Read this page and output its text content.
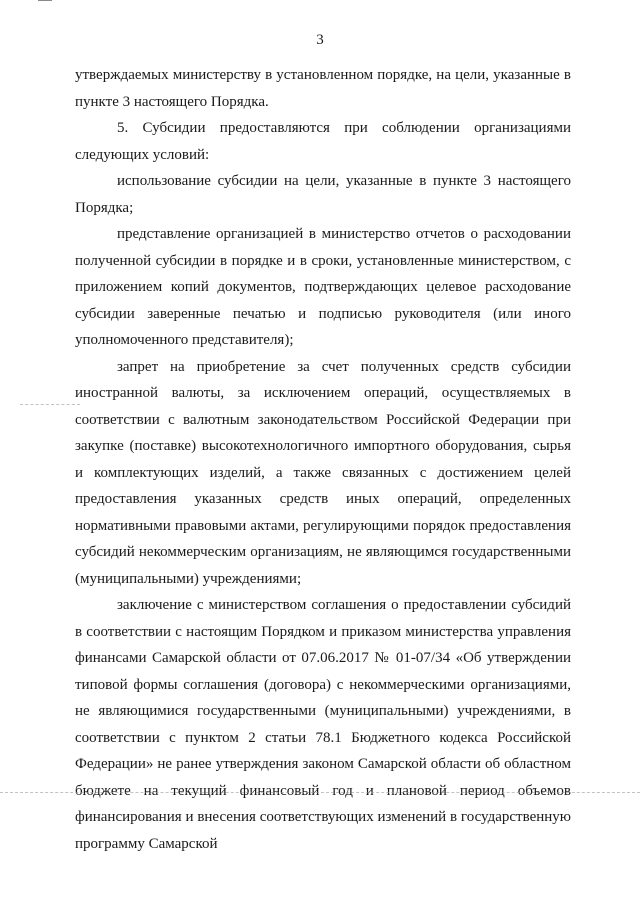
3

утверждаемых министерству в установленном порядке, на цели, указанные в пункте 3 настоящего Порядка.

5. Субсидии предоставляются при соблюдении организациями следующих условий:

использование субсидии на цели, указанные в пункте 3 настоящего Порядка;

представление организацией в министерство отчетов о расходовании полученной субсидии в порядке и в сроки, установленные министерством, с приложением копий документов, подтверждающих целевое расходование субсидии заверенные печатью и подписью руководителя (или иного уполномоченного представителя);

запрет на приобретение за счет полученных средств субсидии иностранной валюты, за исключением операций, осуществляемых в соответствии с валютным законодательством Российской Федерации при закупке (поставке) высокотехнологичного импортного оборудования, сырья и комплектующих изделий, а также связанных с достижением целей предоставления указанных средств иных операций, определенных нормативными правовыми актами, регулирующими порядок предоставления субсидий некоммерческим организациям, не являющимся государственными (муниципальными) учреждениями;

заключение с министерством соглашения о предоставлении субсидий в соответствии с настоящим Порядком и приказом министерства управления финансами Самарской области от 07.06.2017 № 01-07/34 «Об утверждении типовой формы соглашения (договора) с некоммерческими организациями, не являющимися государственными (муниципальными) учреждениями, в соответствии с пунктом 2 статьи 78.1 Бюджетного кодекса Российской Федерации» не ранее утверждения законом Самарской области об областном бюджете на текущий финансовый год и плановой период объемов финансирования и внесения соответствующих изменений в государственную программу Самарской
